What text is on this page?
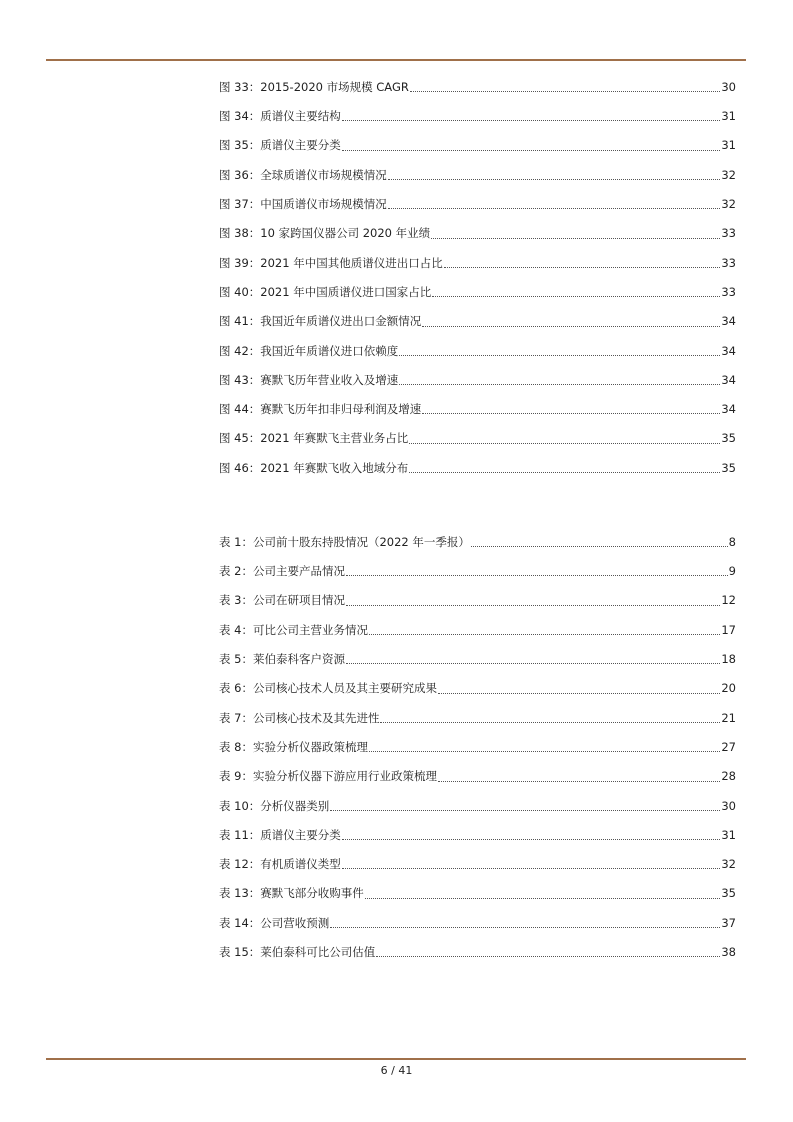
图 33：2015-2020 市场规模 CAGR	30
图 34：质谱仪主要结构	31
图 35：质谱仪主要分类	31
图 36：全球质谱仪市场规模情况	32
图 37：中国质谱仪市场规模情况	32
图 38：10 家跨国仪器公司 2020 年业绩	33
图 39：2021 年中国其他质谱仪进出口占比	33
图 40：2021 年中国质谱仪进口国家占比	33
图 41：我国近年质谱仪进出口金额情况	34
图 42：我国近年质谱仪进口依赖度	34
图 43：赛默飞历年营业收入及增速	34
图 44：赛默飞历年扣非归母利润及增速	34
图 45：2021 年赛默飞主营业务占比	35
图 46：2021 年赛默飞收入地域分布	35
表 1：公司前十股东持股情况（2022 年一季报）	8
表 2：公司主要产品情况	9
表 3：公司在研项目情况	12
表 4：可比公司主营业务情况	17
表 5：莱伯泰科客户资源	18
表 6：公司核心技术人员及其主要研究成果	20
表 7：公司核心技术及其先进性	21
表 8：实验分析仪器政策梳理	27
表 9：实验分析仪器下游应用行业政策梳理	28
表 10：分析仪器类别	30
表 11：质谱仪主要分类	31
表 12：有机质谱仪类型	32
表 13：赛默飞部分收购事件	35
表 14：公司营收预测	37
表 15：莱伯泰科可比公司估值	38
6 / 41
